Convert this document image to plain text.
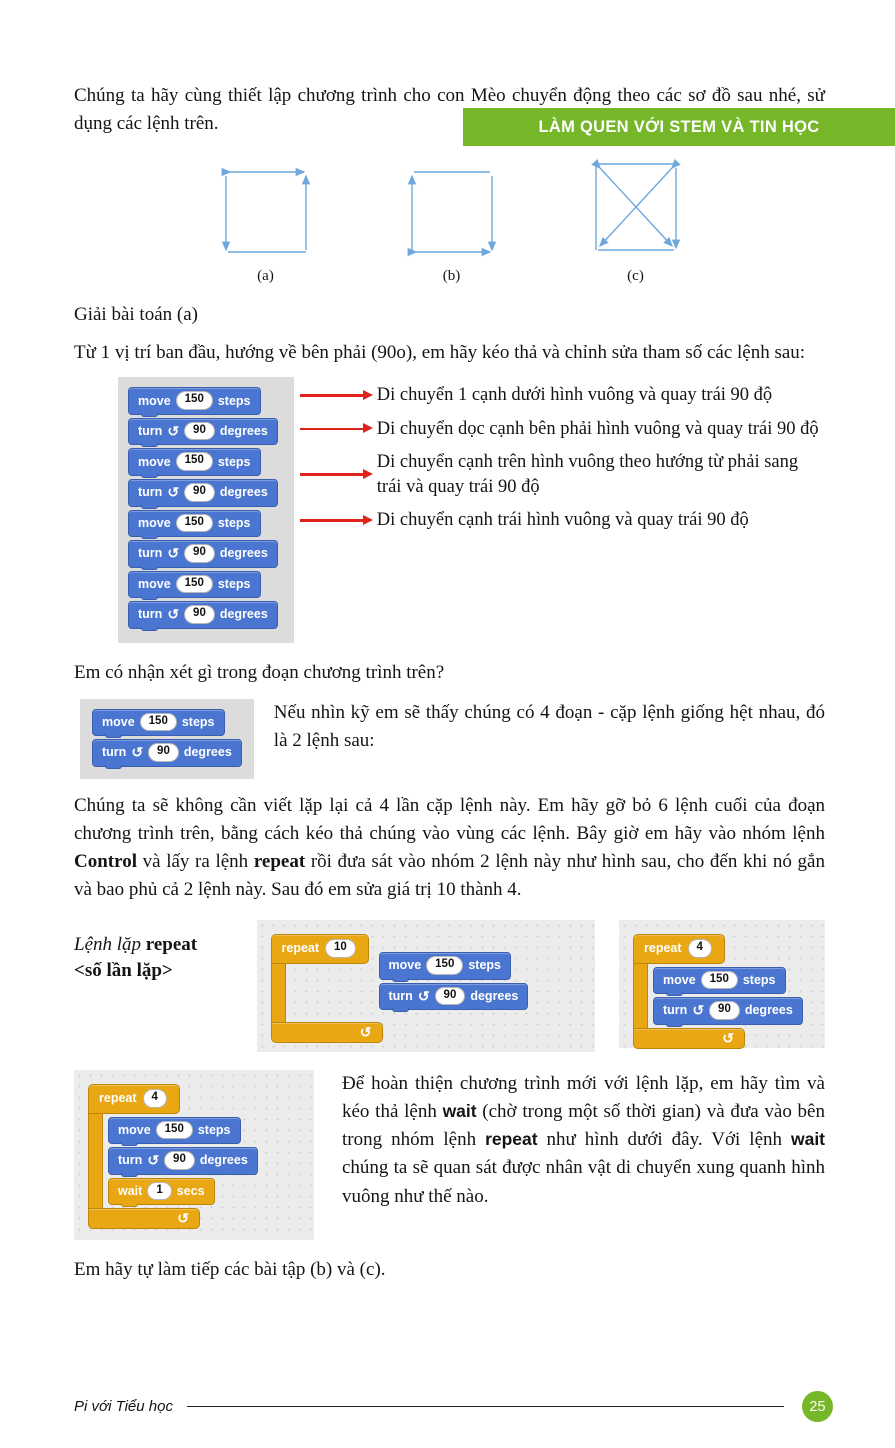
LÀM QUEN VỚI STEM VÀ TIN HỌC

Chúng ta hãy cùng thiết lập chương trình cho con Mèo chuyển động theo các sơ đồ sau nhé, sử dụng các lệnh trên.

(a)	(b)	(c)

Giải bài toán (a)

Từ 1 vị trí ban đầu, hướng về bên phải (90o), em hãy kéo thả và chỉnh sửa tham số các lệnh sau:

move	150	steps
turn ↺	90	degrees
move	150	steps
turn ↺	90	degrees
move	150	steps
turn ↺	90	degrees
move	150	steps
turn ↺	90	degrees

Di chuyển 1 cạnh dưới hình vuông và quay trái 90 độ

Di chuyển dọc cạnh bên phải hình vuông và quay trái 90 độ

Di chuyển cạnh trên hình vuông theo hướng từ phải sang trái và quay trái 90 độ

Di chuyển cạnh trái hình vuông và quay trái 90 độ

Em có nhận xét gì trong đoạn chương trình trên?

move	150	steps
turn ↺	90	degrees

Nếu nhìn kỹ em sẽ thấy chúng có 4 đoạn - cặp lệnh giống hệt nhau, đó là 2 lệnh sau:

Chúng ta sẽ không cần viết lặp lại cả 4 lần cặp lệnh này. Em hãy gỡ bỏ 6 lệnh cuối của đoạn chương trình trên, bằng cách kéo thả chúng vào vùng các lệnh. Bây giờ em hãy vào nhóm lệnh Control và lấy ra lệnh repeat rồi đưa sát vào nhóm 2 lệnh này như hình sau, cho đến khi nó gắn và bao phủ cả 2 lệnh này. Sau đó em sửa giá trị 10 thành 4.

Lệnh lặp repeat
<số lần lặp>
repeat	10
↺
move	150	steps
turn ↺	90	degrees
repeat	4
move	150	steps
turn ↺	90	degrees
↺
repeat	4
move	150	steps
turn ↺	90	degrees
wait	1	secs
↺

Để hoàn thiện chương trình mới với lệnh lặp, em hãy tìm và kéo thả lệnh wait (chờ trong một số thời gian) và đưa vào bên trong nhóm lệnh repeat như hình dưới đây. Với lệnh wait chúng ta sẽ quan sát được nhân vật di chuyển xung quanh hình vuông như thế nào.

Em hãy tự làm tiếp các bài tập (b) và (c).

Pi với Tiểu học	25
